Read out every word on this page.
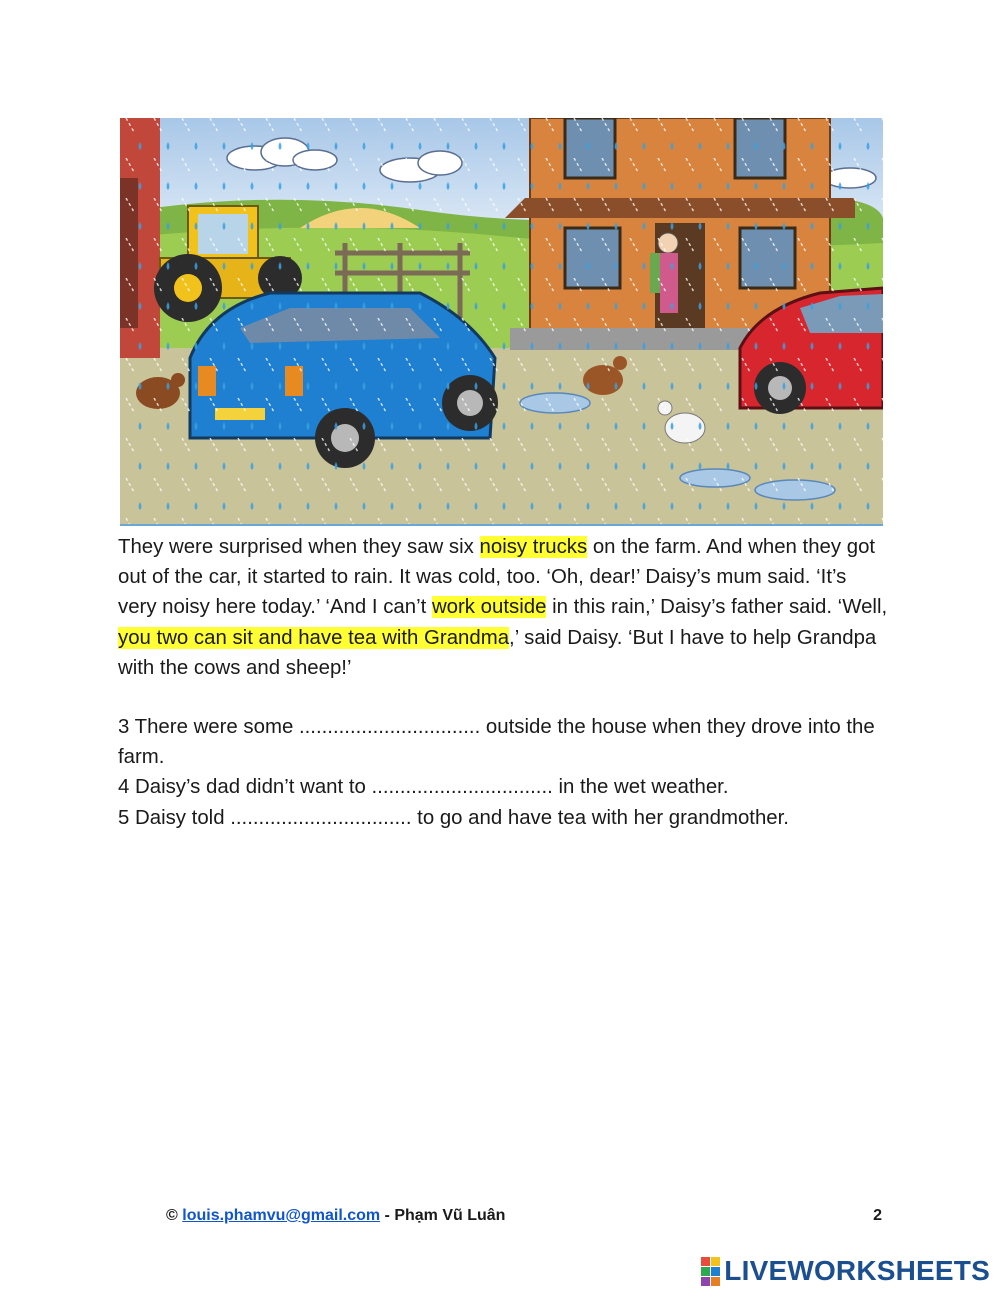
They were surprised when they saw six noisy trucks on the farm. And when they got out of the car, it started to rain. It was cold, too. ‘Oh, dear!’ Daisy’s mum said. ‘It’s very noisy here today.’ ‘And I can’t work outside in this rain,’ Daisy’s father said. ‘Well, you two can sit and have tea with Grandma,’ said Daisy. ‘But I have to help Grandpa with the cows and sheep!’

3 There were some ................................ outside the house when they drove into the farm.

4 Daisy’s dad didn’t want to ................................ in the wet weather.

5 Daisy told ................................ to go and have tea with her grandmother.

© louis.phamvu@gmail.com - Phạm Vũ Luân	2
LIVEWORKSHEETS
